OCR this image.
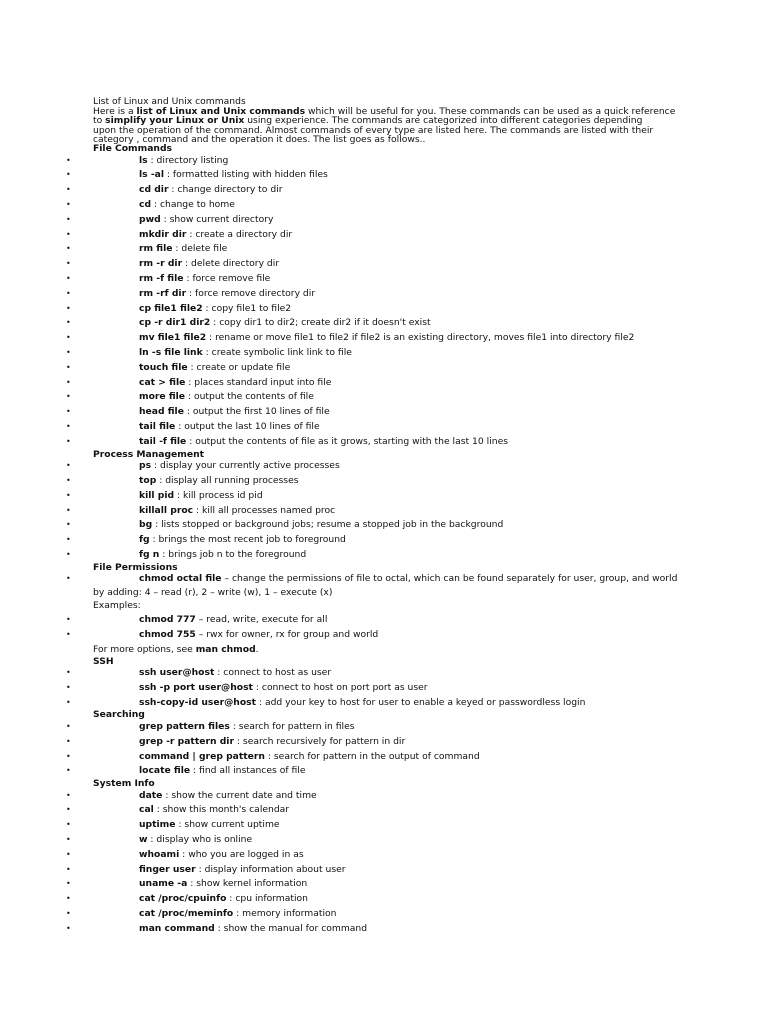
List of Linux and Unix commands
Here is a list of Linux and Unix commands which will be useful for you. These commands can be used as a quick reference
to simplify your Linux or Unix using experience. The commands are categorized into different categories depending
upon the operation of the command. Almost commands of every type are listed here. The commands are listed with their
category , command and the operation it does. The list goes as follows..
File Commands
•	ls : directory listing
•	ls -al : formatted listing with hidden files
•	cd dir : change directory to dir
•	cd : change to home
•	pwd : show current directory
•	mkdir dir : create a directory dir
•	rm file : delete file
•	rm -r dir : delete directory dir
•	rm -f file : force remove file
•	rm -rf dir : force remove directory dir
•	cp file1 file2 : copy file1 to file2
•	cp -r dir1 dir2 : copy dir1 to dir2; create dir2 if it doesn't exist
•	mv file1 file2 : rename or move file1 to file2 if file2 is an existing directory, moves file1 into directory file2
•	ln -s file link : create symbolic link link to file
•	touch file : create or update file
•	cat > file : places standard input into file
•	more file : output the contents of file
•	head file : output the first 10 lines of file
•	tail file : output the last 10 lines of file
•	tail -f file : output the contents of file as it grows, starting with the last 10 lines
Process Management
•	ps : display your currently active processes
•	top : display all running processes
•	kill pid : kill process id pid
•	killall proc : kill all processes named proc
•	bg : lists stopped or background jobs; resume a stopped job in the background
•	fg : brings the most recent job to foreground
•	fg n : brings job n to the foreground
File Permissions
•	chmod octal file – change the permissions of file to octal, which can be found separately for user, group, and world
by adding: 4 – read (r), 2 – write (w), 1 – execute (x)
Examples:
•	chmod 777 – read, write, execute for all
•	chmod 755 – rwx for owner, rx for group and world
For more options, see man chmod.
SSH
•	ssh user@host : connect to host as user
•	ssh -p port user@host : connect to host on port port as user
•	ssh-copy-id user@host : add your key to host for user to enable a keyed or passwordless login
Searching
•	grep pattern files : search for pattern in files
•	grep -r pattern dir : search recursively for pattern in dir
•	command | grep pattern : search for pattern in the output of command
•	locate file : find all instances of file
System Info
•	date : show the current date and time
•	cal : show this month's calendar
•	uptime : show current uptime
•	w : display who is online
•	whoami : who you are logged in as
•	finger user : display information about user
•	uname -a : show kernel information
•	cat /proc/cpuinfo : cpu information
•	cat /proc/meminfo : memory information
•	man command : show the manual for command
